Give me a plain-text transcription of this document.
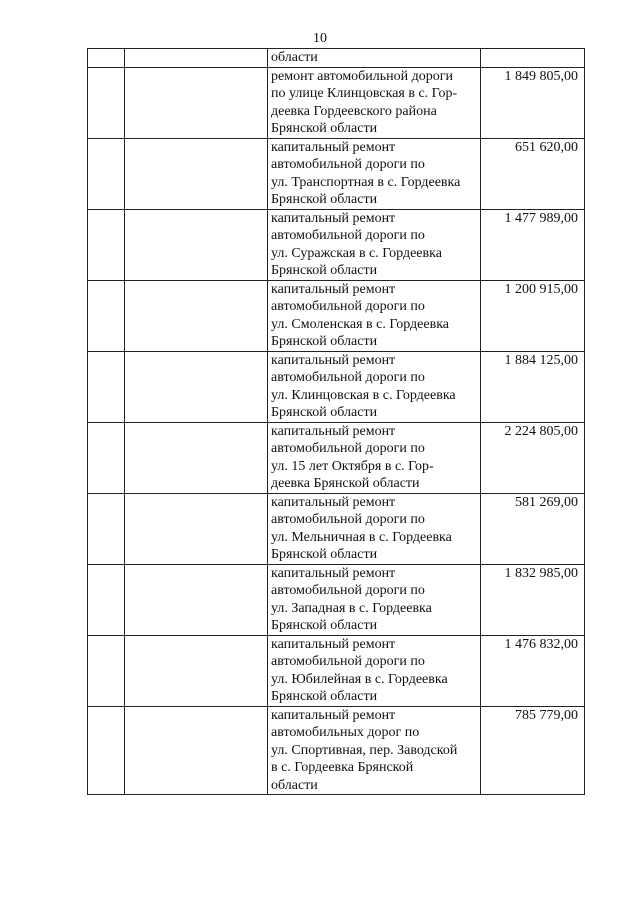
10

		области	

		ремонт автомобильной дороги
по улице Клинцовская в с. Гор-
деевка Гордеевского района
Брянской области	1 849 805,00

		капитальный ремонт
автомобильной дороги по
ул. Транспортная в с. Гордеевка
Брянской области	651 620,00

		капитальный ремонт
автомобильной дороги по
ул. Суражская в с. Гордеевка
Брянской области	1 477 989,00

		капитальный ремонт
автомобильной дороги по
ул. Смоленская в с. Гордеевка
Брянской области	1 200 915,00

		капитальный ремонт
автомобильной дороги по
ул. Клинцовская в с. Гордеевка
Брянской области	1 884 125,00

		капитальный ремонт
автомобильной дороги по
ул. 15 лет Октября в с. Гор-
деевка Брянской области	2 224 805,00

		капитальный ремонт
автомобильной дороги по
ул. Мельничная в с. Гордеевка
Брянской области	581 269,00

		капитальный ремонт
автомобильной дороги по
ул. Западная в с. Гордеевка
Брянской области	1 832 985,00

		капитальный ремонт
автомобильной дороги по
ул. Юбилейная в с. Гордеевка
Брянской области	1 476 832,00

		капитальный ремонт
автомобильных дорог по
ул. Спортивная, пер. Заводской
в с. Гордеевка Брянской
области	785 779,00
